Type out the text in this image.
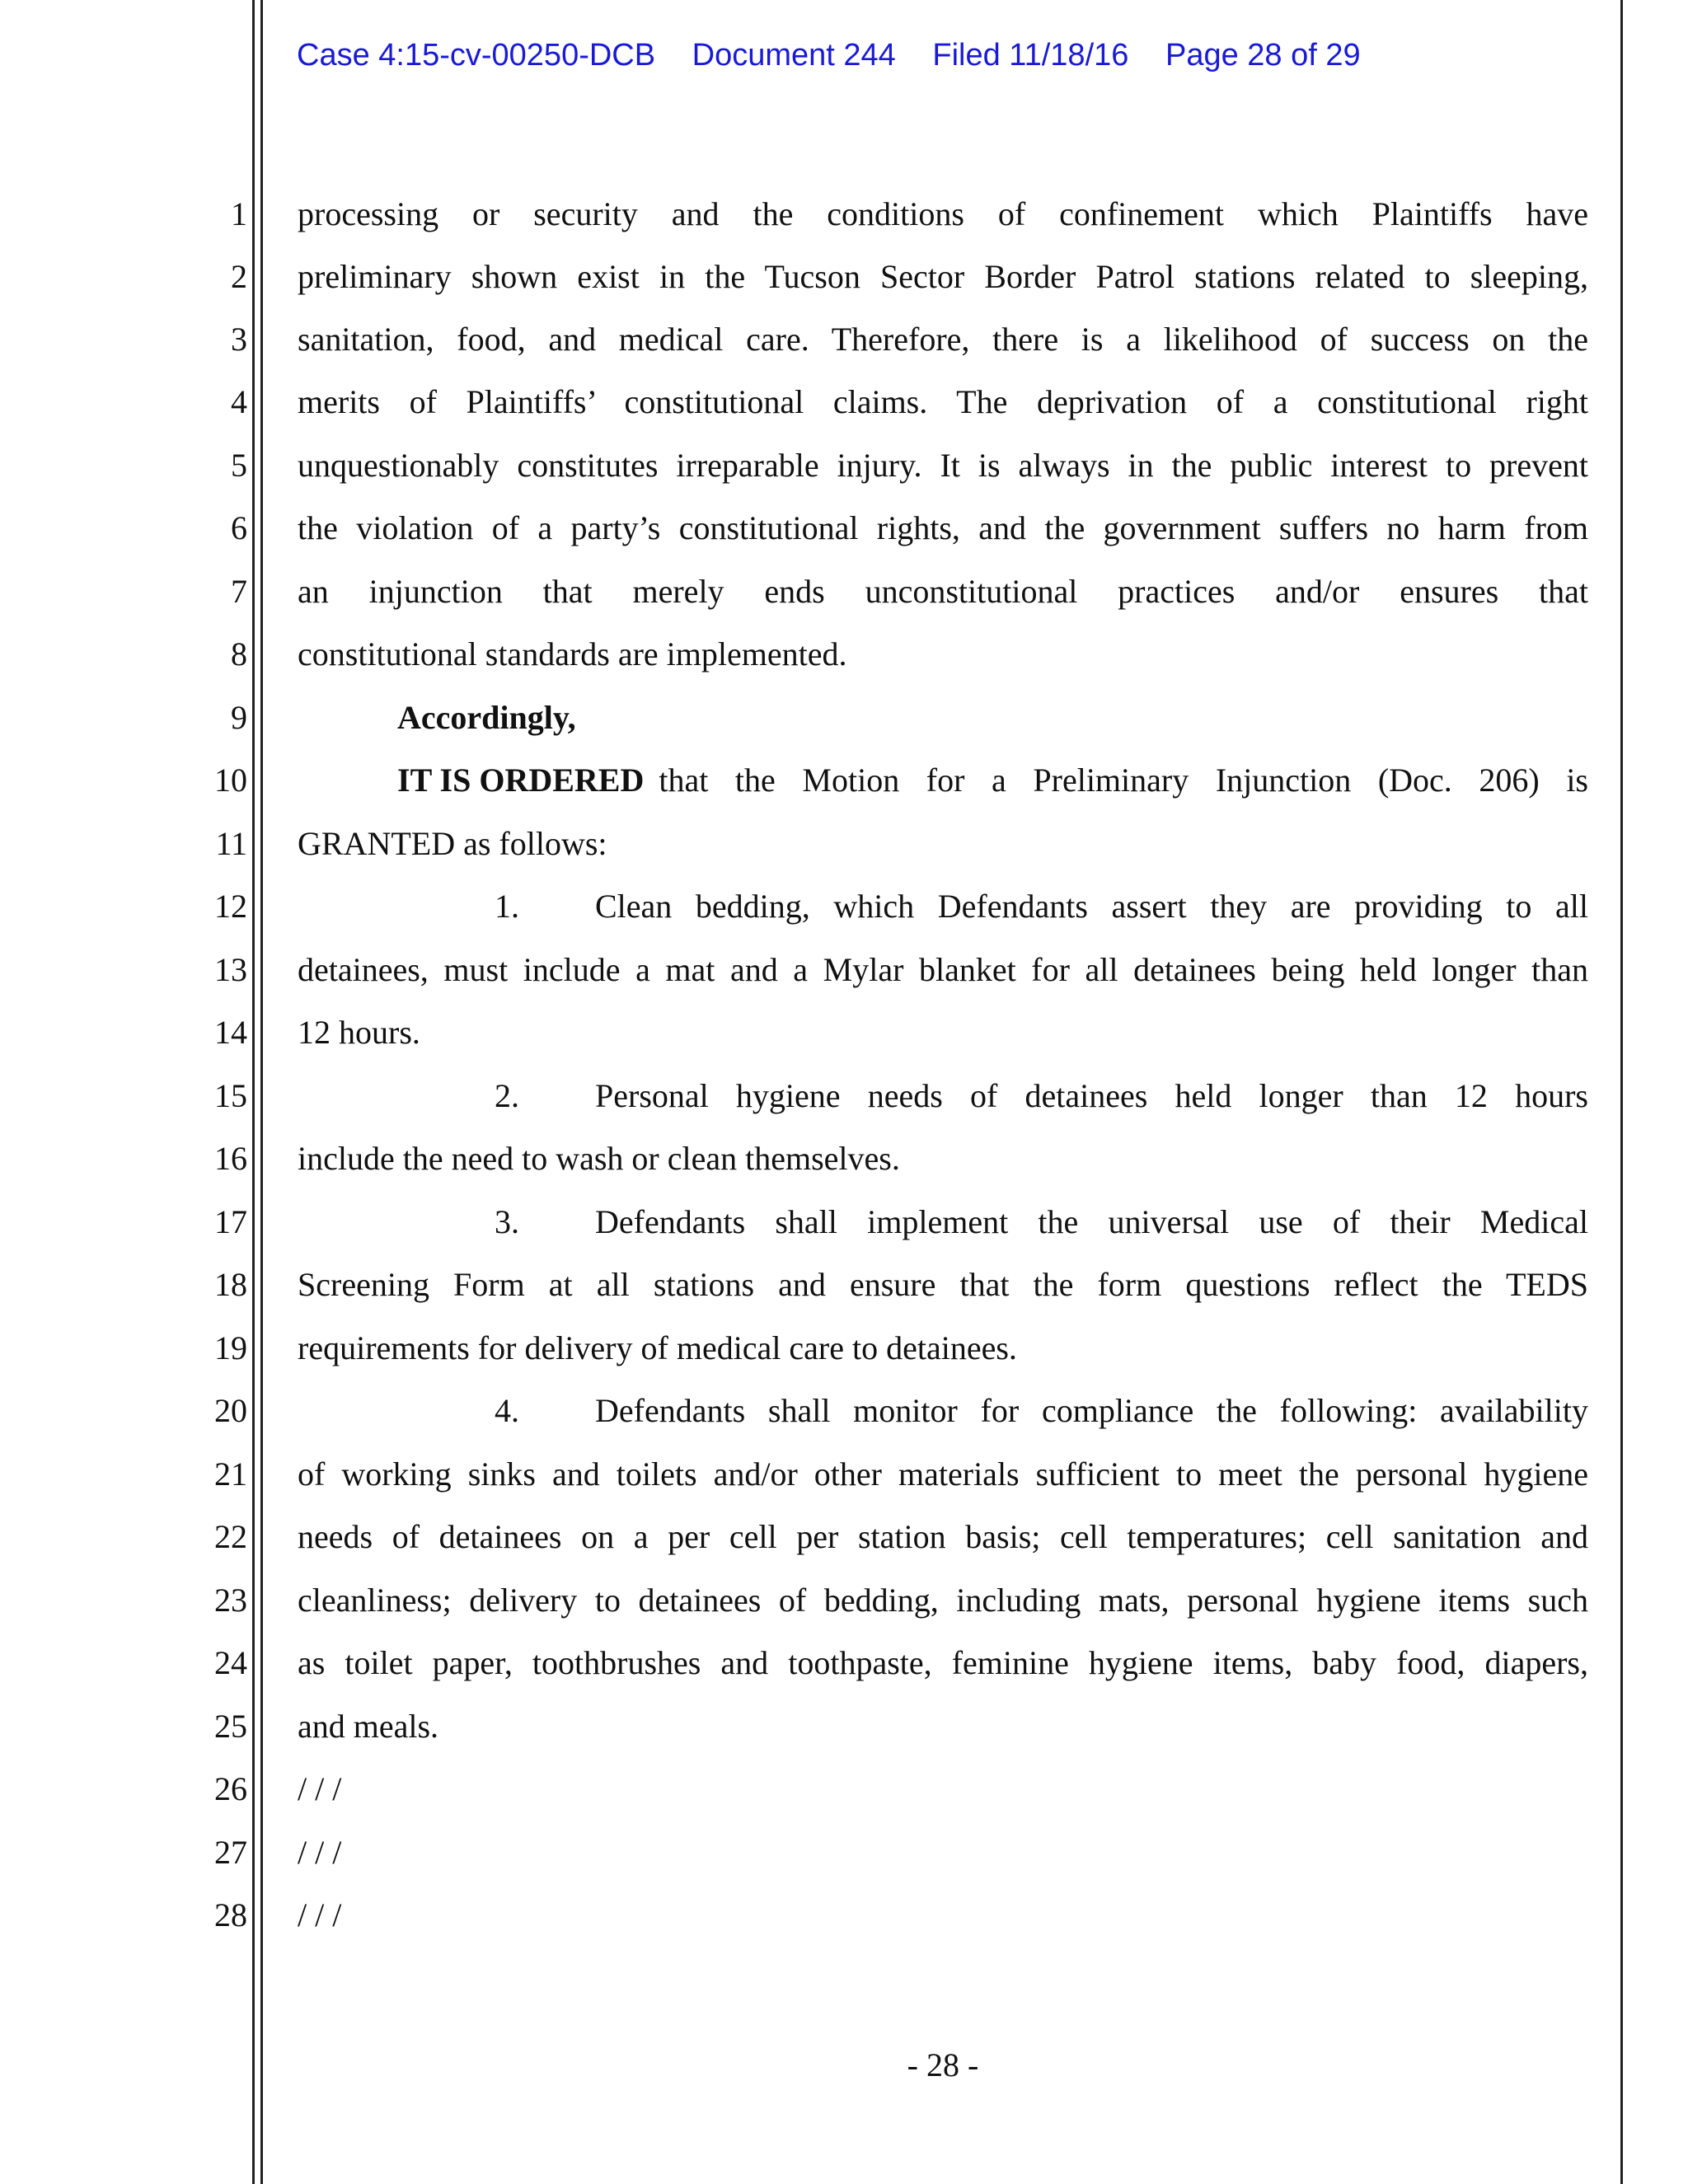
Case 4:15-cv-00250-DCB Document 244 Filed 11/18/16 Page 28 of 29
1
2
3
4
5
6
7
8
9
10
11
12
13
14
15
16
17
18
19
20
21
22
23
24
25
26
27
28
processing or security and the conditions of confinement which Plaintiffs have
preliminary shown exist in the Tucson Sector Border Patrol stations related to sleeping,
sanitation, food, and medical care. Therefore, there is a likelihood of success on the
merits of Plaintiffs’ constitutional claims. The deprivation of a constitutional right
unquestionably constitutes irreparable injury. It is always in the public interest to prevent
the violation of a party’s constitutional rights, and the government suffers no harm from
an injunction that merely ends unconstitutional practices and/or ensures that
constitutional standards are implemented.
Accordingly,
IT IS ORDERED that the Motion for a Preliminary Injunction (Doc. 206) is
GRANTED as follows:
1. Clean bedding, which Defendants assert they are providing to all
detainees, must include a mat and a Mylar blanket for all detainees being held longer than
12 hours.
2. Personal hygiene needs of detainees held longer than 12 hours
include the need to wash or clean themselves.
3. Defendants shall implement the universal use of their Medical
Screening Form at all stations and ensure that the form questions reflect the TEDS
requirements for delivery of medical care to detainees.
4. Defendants shall monitor for compliance the following: availability
of working sinks and toilets and/or other materials sufficient to meet the personal hygiene
needs of detainees on a per cell per station basis; cell temperatures; cell sanitation and
cleanliness; delivery to detainees of bedding, including mats, personal hygiene items such
as toilet paper, toothbrushes and toothpaste, feminine hygiene items, baby food, diapers,
and meals.
/ / /
/ / /
/ / /
- 28 -
